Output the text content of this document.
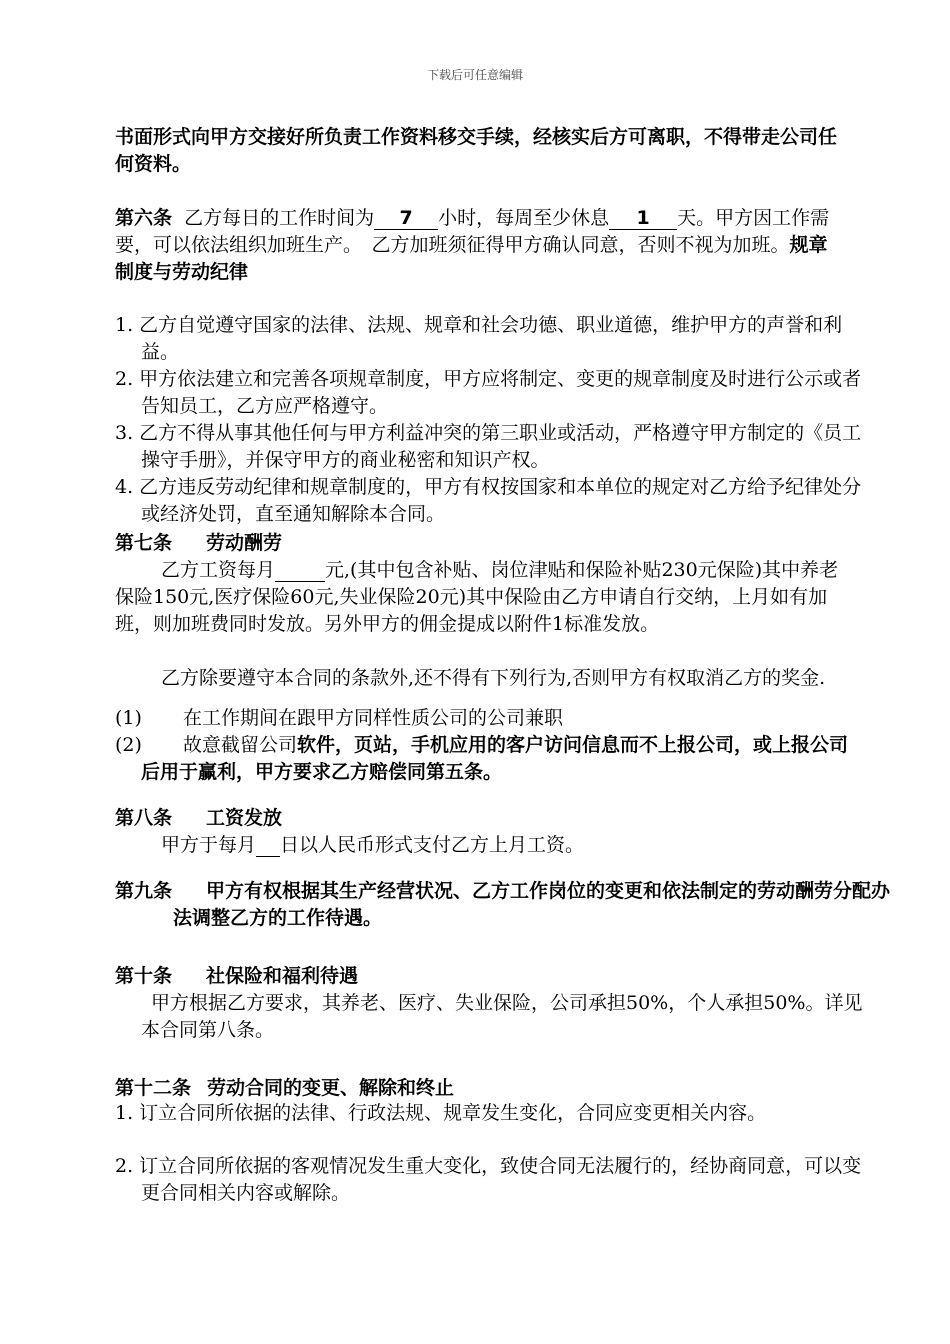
下载后可任意编辑

书面形式向甲方交接好所负责工作资料移交手续，经核实后方可离职，不得带走公司任何资料。

第六条 乙方每日的工作时间为 7 小时，每周至少休息 1 天。甲方因工作需要，可以依法组织加班生产。　乙方加班须征得甲方确认同意，否则不视为加班。规章制度与劳动纪律

1. 乙方自觉遵守国家的法律、法规、规章和社会功德、职业道德，维护甲方的声誉和利益。

2. 甲方依法建立和完善各项规章制度，甲方应将制定、变更的规章制度及时进行公示或者告知员工，乙方应严格遵守。

3. 乙方不得从事其他任何与甲方利益冲突的第三职业或活动，严格遵守甲方制定的《员工操守手册》，并保守甲方的商业秘密和知识产权。

4. 乙方违反劳动纪律和规章制度的，甲方有权按国家和本单位的规定对乙方给予纪律处分或经济处罚，直至通知解除本合同。

第七条 劳动酬劳

乙方工资每月	元,(其中包含补贴、岗位津贴和保险补贴230元保险)其中养老保险150元,医疗保险60元,失业保险20元)其中保险由乙方申请自行交纳，上月如有加班，则加班费同时发放。另外甲方的佣金提成以附件1标准发放。

乙方除要遵守本合同的条款外,还不得有下列行为,否则甲方有权取消乙方的奖金.

(1) 在工作期间在跟甲方同样性质公司的公司兼职
(2) 故意截留公司软件，页站，手机应用的客户访问信息而不上报公司，或上报公司后用于赢利，甲方要求乙方赔偿同第五条。
第八条 工资发放

甲方于每月 日以人民币形式支付乙方上月工资。

第九条 甲方有权根据其生产经营状况、乙方工作岗位的变更和依法制定的劳动酬劳分配办法调整乙方的工作待遇。
第十条 社保险和福利待遇

甲方根据乙方要求，其养老、医疗、失业保险，公司承担50%，个人承担50%。详见本合同第八条。

第十二条 劳动合同的变更、解除和终止

1. 订立合同所依据的法律、行政法规、规章发生变化，合同应变更相关内容。

2. 订立合同所依据的客观情况发生重大变化，致使合同无法履行的，经协商同意，可以变更合同相关内容或解除。
